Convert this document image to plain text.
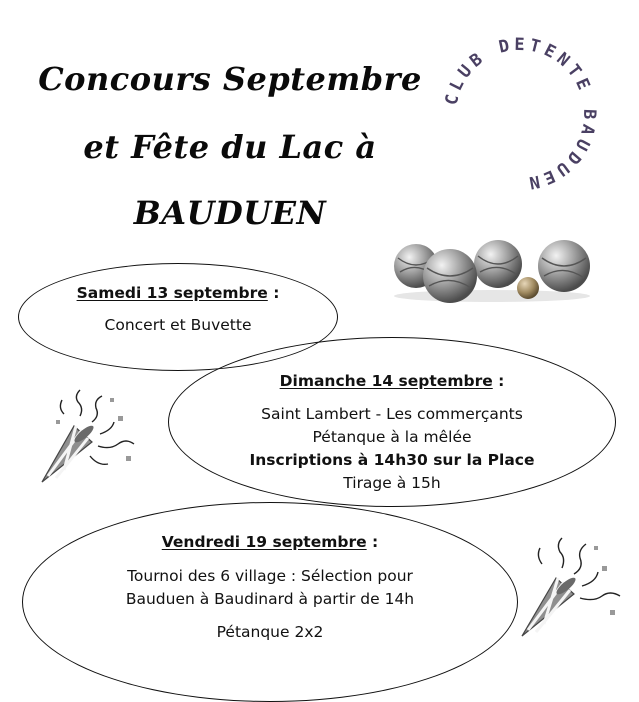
Concours Septembre
et Fête du Lac à
BAUDUEN
CLUB DETENTE BAUDUEN
Samedi 13 septembre :
Concert et Buvette
Dimanche 14 septembre :
Saint Lambert - Les commerçants
Pétanque à la mêlée
Inscriptions à 14h30 sur la Place
Tirage à 15h
Vendredi 19 septembre :
Tournoi des 6 village : Sélection pour
Bauduen à Baudinard à partir de 14h
Pétanque 2x2
